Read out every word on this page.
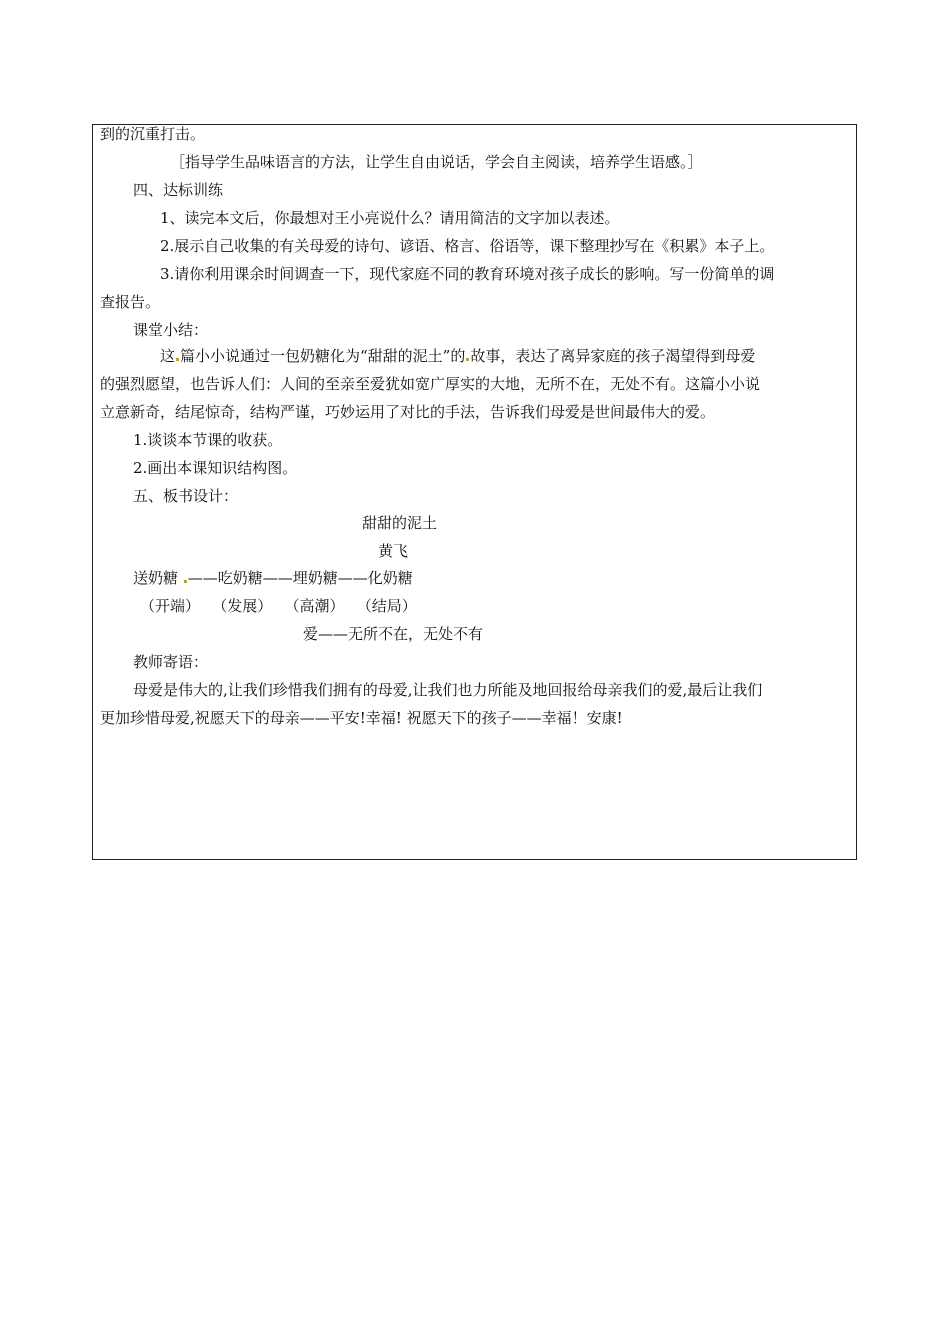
到的沉重打击。
［指导学生品味语言的方法，让学生自由说话，学会自主阅读，培养学生语感。］
四、达标训练
1、读完本文后，你最想对王小亮说什么？请用简洁的文字加以表述。
2.展示自己收集的有关母爱的诗句、谚语、格言、俗语等，课下整理抄写在《积累》本子上。
3.请你利用课余时间调查一下，现代家庭不同的教育环境对孩子成长的影响。写一份简单的调
查报告。
课堂小结：
这 篇小小说通过一包奶糖化为“甜甜的泥土”的 故事，表达了离异家庭的孩子渴望得到母爱
的强烈愿望，也告诉人们：人间的至亲至爱犹如宽广厚实的大地，无所不在，无处不有。这篇小小说
立意新奇，结尾惊奇，结构严谨，巧妙运用了对比的手法，告诉我们母爱是世间最伟大的爱。
1.谈谈本节课的收获。
2.画出本课知识结构图。
五、板书设计：
甜甜的泥土
黄飞
送奶糖 ——吃奶糖——埋奶糖——化奶糖
（开端）　 （发展）　 （高潮）　 （结局）
爱——无所不在，无处不有
教师寄语：
母爱是伟大的,让我们珍惜我们拥有的母爱,让我们也力所能及地回报给母亲我们的爱,最后让我们
更加珍惜母爱,祝愿天下的母亲——平安!幸福! 祝愿天下的孩子——幸福！安康!
